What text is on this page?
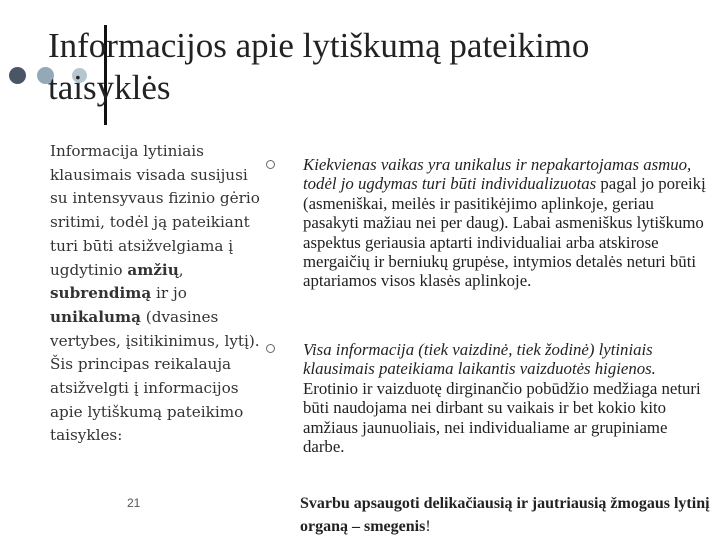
Informacijos apie lytiškumą pateikimo taisyklės

Informacija lytiniais klausimais visada susijusi su intensyvaus fizinio gėrio sritimi, todėl ją pateikiant turi būti atsižvelgiama į ugdytinio amžių, subrendimą ir jo unikalumą (dvasines vertybes, įsitikinimus, lytį). Šis principas reikalauja atsižvelgti į informacijos apie lytiškumą pateikimo taisykles:

21

Kiekvienas vaikas yra unikalus ir nepakartojamas asmuo, todėl jo ugdymas turi būti individualizuotas pagal jo poreikį (asmeniškai, meilės ir pasitikėjimo aplinkoje, geriau pasakyti mažiau nei per daug). Labai asmeniškus lytiškumo aspektus geriausia aptarti individualiai arba atskirose mergaičių ir berniukų grupėse, intymios detalės neturi būti aptariamos visos klasės aplinkoje.

Visa informacija (tiek vaizdinė, tiek žodinė) lytiniais klausimais pateikiama laikantis vaizduotės higienos. Erotinio ir vaizduotę dirginančio pobūdžio medžiaga neturi būti naudojama nei dirbant su vaikais ir bet kokio kito amžiaus jaunuoliais, nei individualiame ar grupiniame darbe.

Svarbu apsaugoti delikačiausią ir jautriausią žmogaus lytinį organą – smegenis!
